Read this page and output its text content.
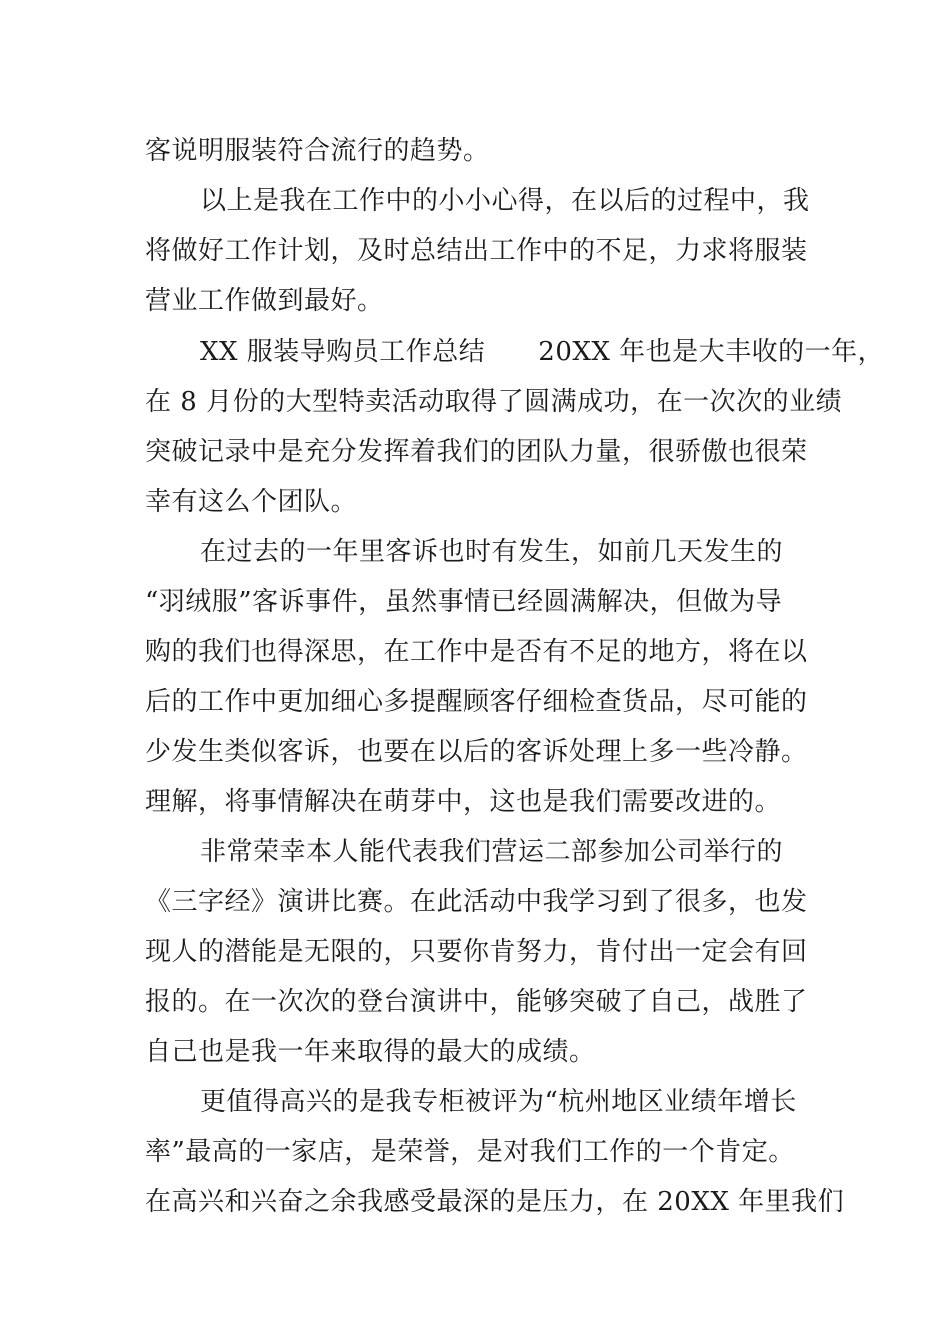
客说明服装符合流行的趋势。
以上是我在工作中的小小心得，在以后的过程中，我
将做好工作计划，及时总结出工作中的不足，力求将服装
营业工作做到最好。
XX 服装导购员工作总结　　20XX 年也是大丰收的一年，
在 8 月份的大型特卖活动取得了圆满成功，在一次次的业绩
突破记录中是充分发挥着我们的团队力量，很骄傲也很荣
幸有这么个团队。
在过去的一年里客诉也时有发生，如前几天发生的
“羽绒服”客诉事件，虽然事情已经圆满解决，但做为导
购的我们也得深思，在工作中是否有不足的地方，将在以
后的工作中更加细心多提醒顾客仔细检查货品，尽可能的
少发生类似客诉，也要在以后的客诉处理上多一些冷静。
理解，将事情解决在萌芽中，这也是我们需要改进的。
非常荣幸本人能代表我们营运二部参加公司举行的
《三字经》演讲比赛。在此活动中我学习到了很多，也发
现人的潜能是无限的，只要你肯努力，肯付出一定会有回
报的。在一次次的登台演讲中，能够突破了自己，战胜了
自己也是我一年来取得的最大的成绩。
更值得高兴的是我专柜被评为“杭州地区业绩年增长
率”最高的一家店，是荣誉，是对我们工作的一个肯定。
在高兴和兴奋之余我感受最深的是压力，在 20XX 年里我们
